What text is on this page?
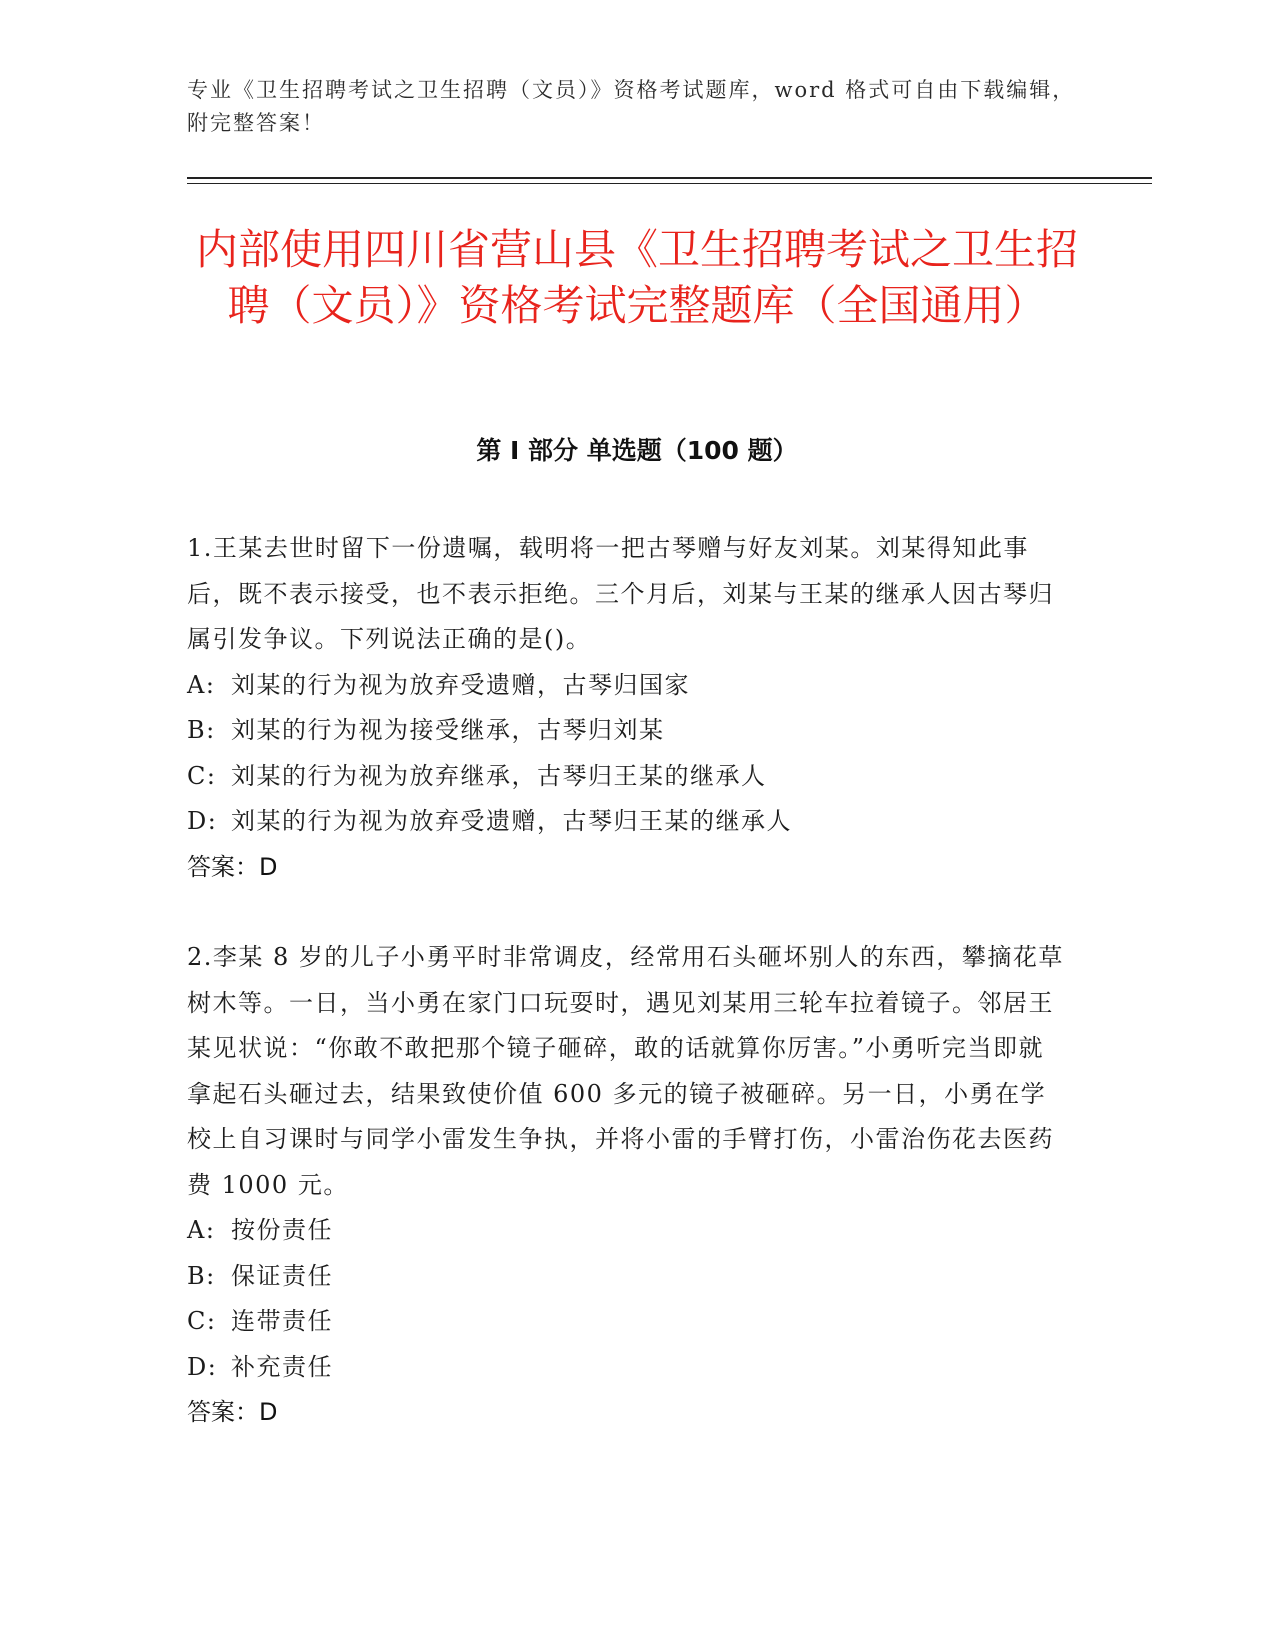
专业《卫生招聘考试之卫生招聘（文员）》资格考试题库，word 格式可自由下载编辑，附完整答案！
内部使用四川省营山县《卫生招聘考试之卫生招聘（文员）》资格考试完整题库（全国通用）
第 I 部分 单选题（100 题）

1.王某去世时留下一份遗嘱，载明将一把古琴赠与好友刘某。刘某得知此事后，既不表示接受，也不表示拒绝。三个月后，刘某与王某的继承人因古琴归属引发争议。下列说法正确的是()。

A: 刘某的行为视为放弃受遗赠，古琴归国家

B: 刘某的行为视为接受继承，古琴归刘某

C: 刘某的行为视为放弃继承，古琴归王某的继承人

D: 刘某的行为视为放弃受遗赠，古琴归王某的继承人

答案：D

2.李某 8 岁的儿子小勇平时非常调皮，经常用石头砸坏别人的东西，攀摘花草树木等。一日，当小勇在家门口玩耍时，遇见刘某用三轮车拉着镜子。邻居王某见状说：“你敢不敢把那个镜子砸碎，敢的话就算你厉害。”小勇听完当即就拿起石头砸过去，结果致使价值 600 多元的镜子被砸碎。另一日，小勇在学校上自习课时与同学小雷发生争执，并将小雷的手臂打伤，小雷治伤花去医药费 1000 元。

A: 按份责任

B: 保证责任

C: 连带责任

D: 补充责任

答案：D
